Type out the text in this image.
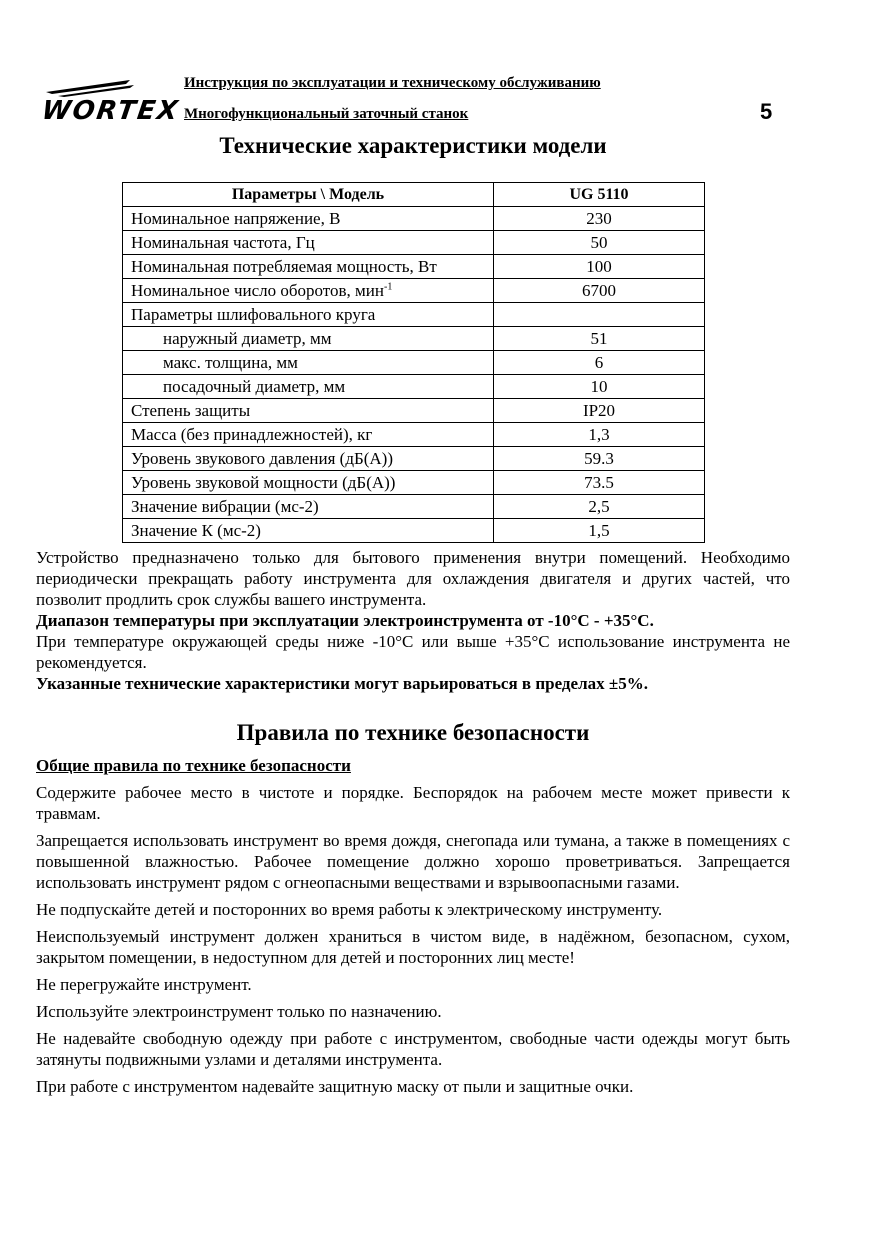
WORTEX
Инструкция по эксплуатации и техническому обслуживанию
Многофункциональный заточный станок	5
Технические характеристики модели
Параметры \ Модель	UG 5110
Номинальное напряжение, В	230
Номинальная частота, Гц	50
Номинальная потребляемая мощность, Вт	100
Номинальное число оборотов, мин$^{-1}$	6700
Параметры шлифовального круга	
наружный диаметр, мм	51
макс. толщина, мм	6
посадочный диаметр, мм	10
Степень защиты	IP20
Масса (без принадлежностей), кг	1,3
Уровень звукового давления (дБ(А))	59.3
Уровень звуковой мощности (дБ(А))	73.5
Значение вибрации (мс-2)	2,5
Значение К (мс-2)	1,5

Устройство предназначено только для бытового применения внутри помещений. Необходимо периодически прекращать работу инструмента для охлаждения двигателя и других частей, что позволит продлить срок службы вашего инструмента.

Диапазон температуры при эксплуатации электроинструмента от -10°С - +35°С.

При температуре окружающей среды ниже -10°С или выше +35°С использование инструмента не рекомендуется.

Указанные технические характеристики могут варьироваться в пределах ±5%.

Правила по технике безопасности
Общие правила по технике безопасности

Содержите рабочее место в чистоте и порядке. Беспорядок на рабочем месте может привести к травмам.

Запрещается использовать инструмент во время дождя, снегопада или тумана, а также в помещениях с повышенной влажностью. Рабочее помещение должно хорошо проветриваться. Запрещается использовать инструмент рядом с огнеопасными веществами и взрывоопасными газами.

Не подпускайте детей и посторонних во время работы к электрическому инструменту.

Неиспользуемый инструмент должен храниться в чистом виде, в надёжном, безопасном, сухом, закрытом помещении, в недоступном для детей и посторонних лиц месте!

Не перегружайте инструмент.

Используйте электроинструмент только по назначению.

Не надевайте свободную одежду при работе с инструментом, свободные части одежды могут быть затянуты подвижными узлами и деталями инструмента.

При работе с инструментом надевайте защитную маску от пыли и защитные очки.
